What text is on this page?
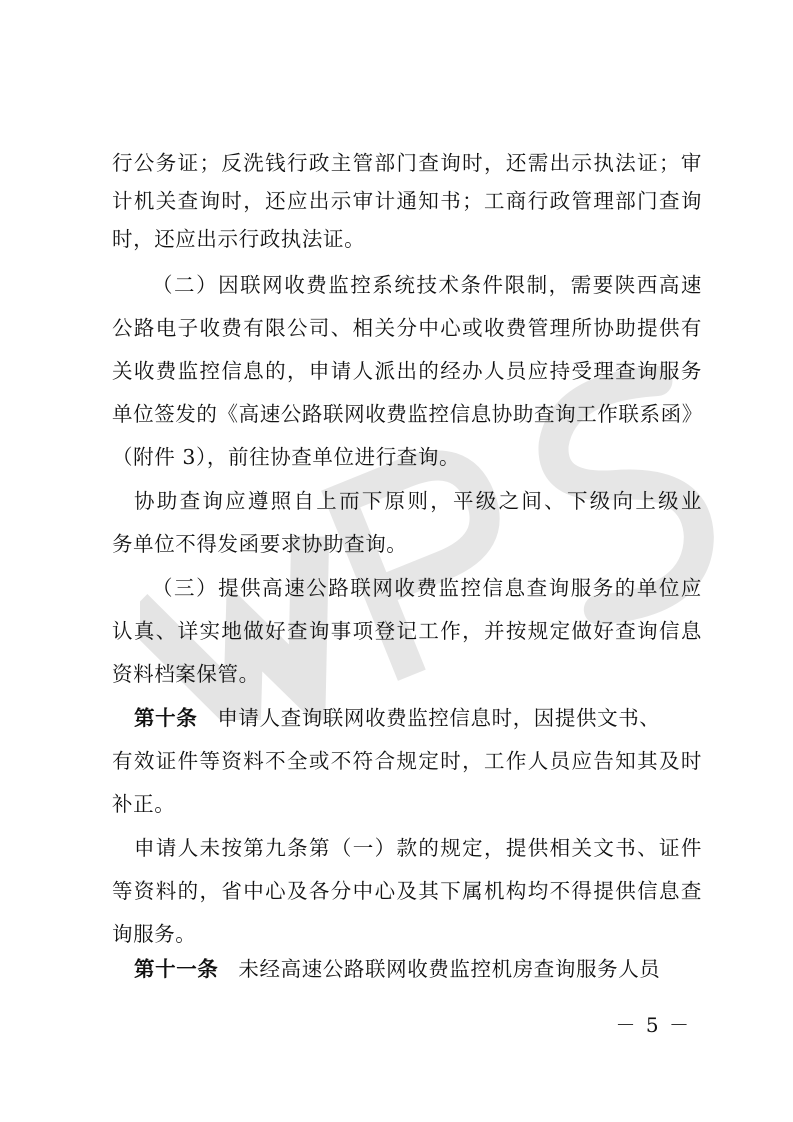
行公务证；反洗钱行政主管部门查询时，还需出示执法证；审
计机关查询时，还应出示审计通知书；工商行政管理部门查询
时，还应出示行政执法证。
（二）因联网收费监控系统技术条件限制，需要陕西高速
公路电子收费有限公司、相关分中心或收费管理所协助提供有
关收费监控信息的，申请人派出的经办人员应持受理查询服务
单位签发的《高速公路联网收费监控信息协助查询工作联系函》
（附件 3），前往协查单位进行查询。
协助查询应遵照自上而下原则，平级之间、下级向上级业
务单位不得发函要求协助查询。
（三）提供高速公路联网收费监控信息查询服务的单位应
认真、详实地做好查询事项登记工作，并按规定做好查询信息
资料档案保管。
第十条 申请人查询联网收费监控信息时，因提供文书、
有效证件等资料不全或不符合规定时，工作人员应告知其及时
补正。
申请人未按第九条第（一）款的规定，提供相关文书、证件
等资料的，省中心及各分中心及其下属机构均不得提供信息查
询服务。
第十一条 未经高速公路联网收费监控机房查询服务人员
－ 5 －
